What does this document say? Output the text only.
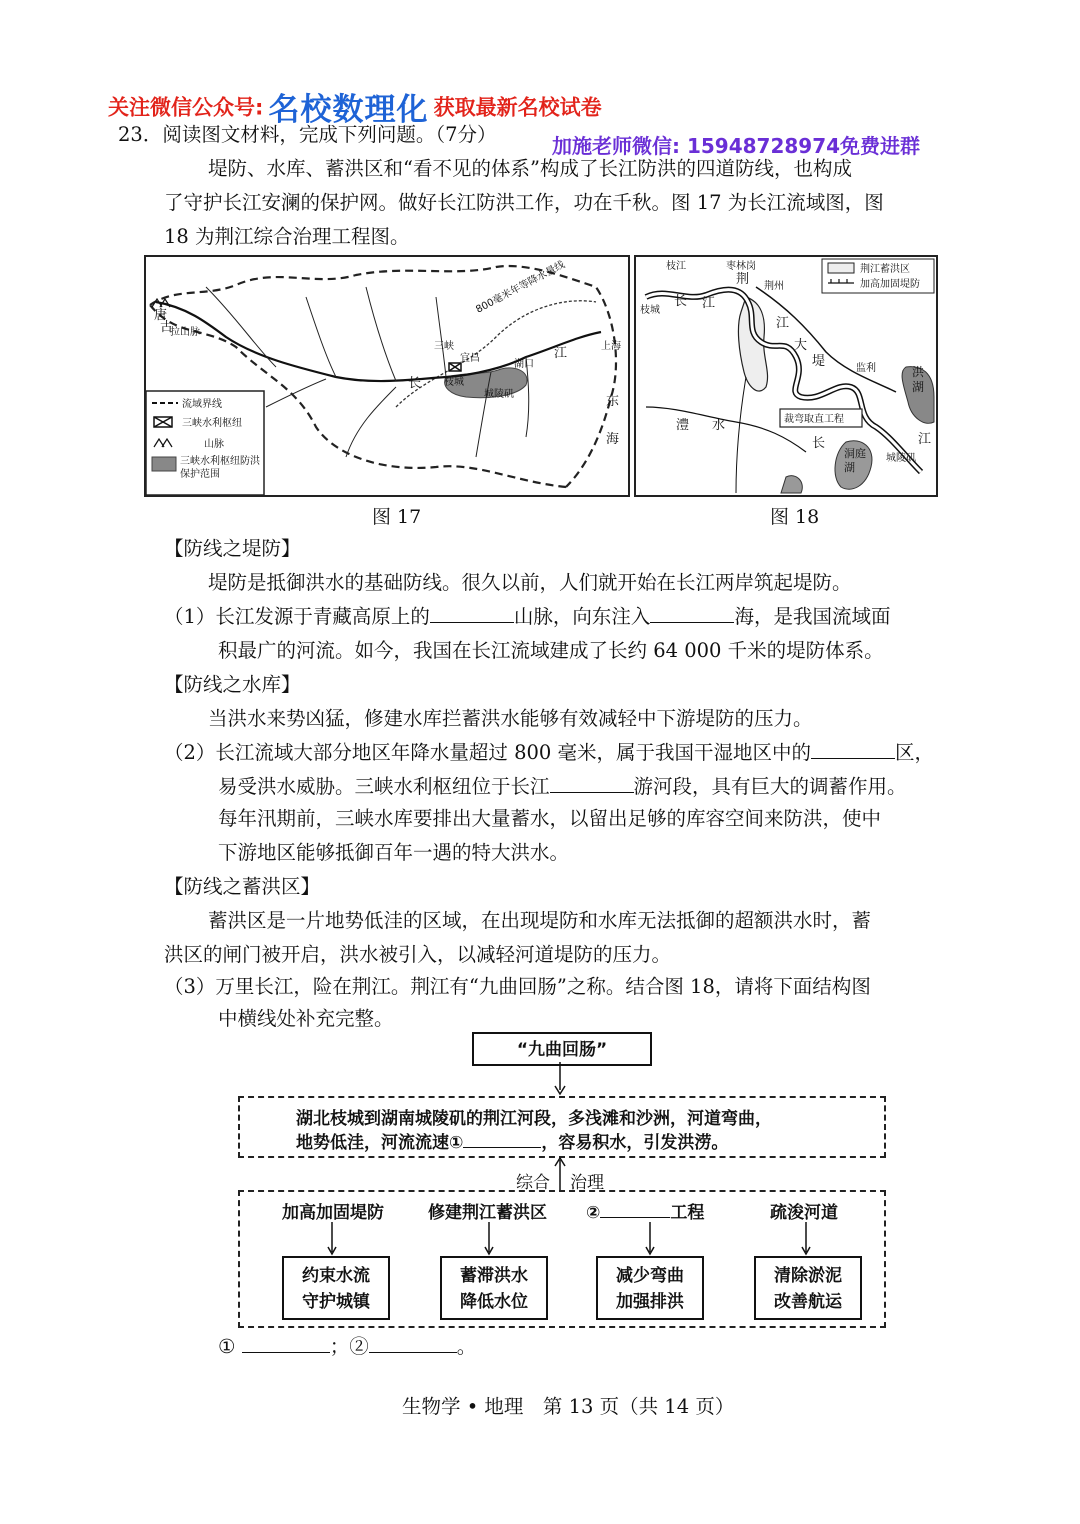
关注微信公众号: 名校数理化 获取最新名校试卷
加施老师微信: 15948728974免费进群
23．阅读图文材料，完成下列问题。（7分）
堤防、水库、蓄洪区和“看不见的体系”构成了长江防洪的四道防线，也构成
了守护长江安澜的保护网。做好长江防洪工作，功在千秋。图 17 为长江流域图，图
18 为荆江综合治理工程图。
唐
古
拉山脉
800毫米年等降水量线
三峡
宜昌
枝城
城陵矶
湖口
上海
江
长
东
海
流域界线
三峡水利枢纽
山脉
三峡水利枢纽防洪保护范围
图 17
荆江蓄洪区
加高加固堤防
枝江	枣林岗
荆 荆州
枝城
长 江
江
大
堤	监利	洪湖
澧 水	裁弯取直工程
长	江
洞庭湖
城陵矶
图 18
【防线之堤防】
堤防是抵御洪水的基础防线。很久以前，人们就开始在长江两岸筑起堤防。
（1）长江发源于青藏高原上的	山脉，向东注入	海，是我国流域面
积最广的河流。如今，我国在长江流域建成了长约 64 000 千米的堤防体系。
【防线之水库】
当洪水来势凶猛，修建水库拦蓄洪水能够有效减轻中下游堤防的压力。
（2）长江流域大部分地区年降水量超过 800 毫米，属于我国干湿地区中的	区，
易受洪水威胁。三峡水利枢纽位于长江	游河段，具有巨大的调蓄作用。
每年汛期前，三峡水库要排出大量蓄水，以留出足够的库容空间来防洪，使中
下游地区能够抵御百年一遇的特大洪水。
【防线之蓄洪区】
蓄洪区是一片地势低洼的区域，在出现堤防和水库无法抵御的超额洪水时，蓄
洪区的闸门被开启，洪水被引入，以减轻河道堤防的压力。
（3）万里长江，险在荆江。荆江有“九曲回肠”之称。结合图 18，请将下面结构图
中横线处补充完整。
“九曲回肠”
湖北枝城到湖南城陵矶的荆江河段，多浅滩和沙洲，河道弯曲，
地势低洼，河流流速①	，容易积水，引发洪涝。
综合 治理
加高加固堤防
约束水流
守护城镇
修建荆江蓄洪区
蓄滞洪水
降低水位
②	工程
减少弯曲
加强排洪
疏浚河道
清除淤泥
改善航运
①	；②	。
生物学 • 地理　第 13 页（共 14 页）
